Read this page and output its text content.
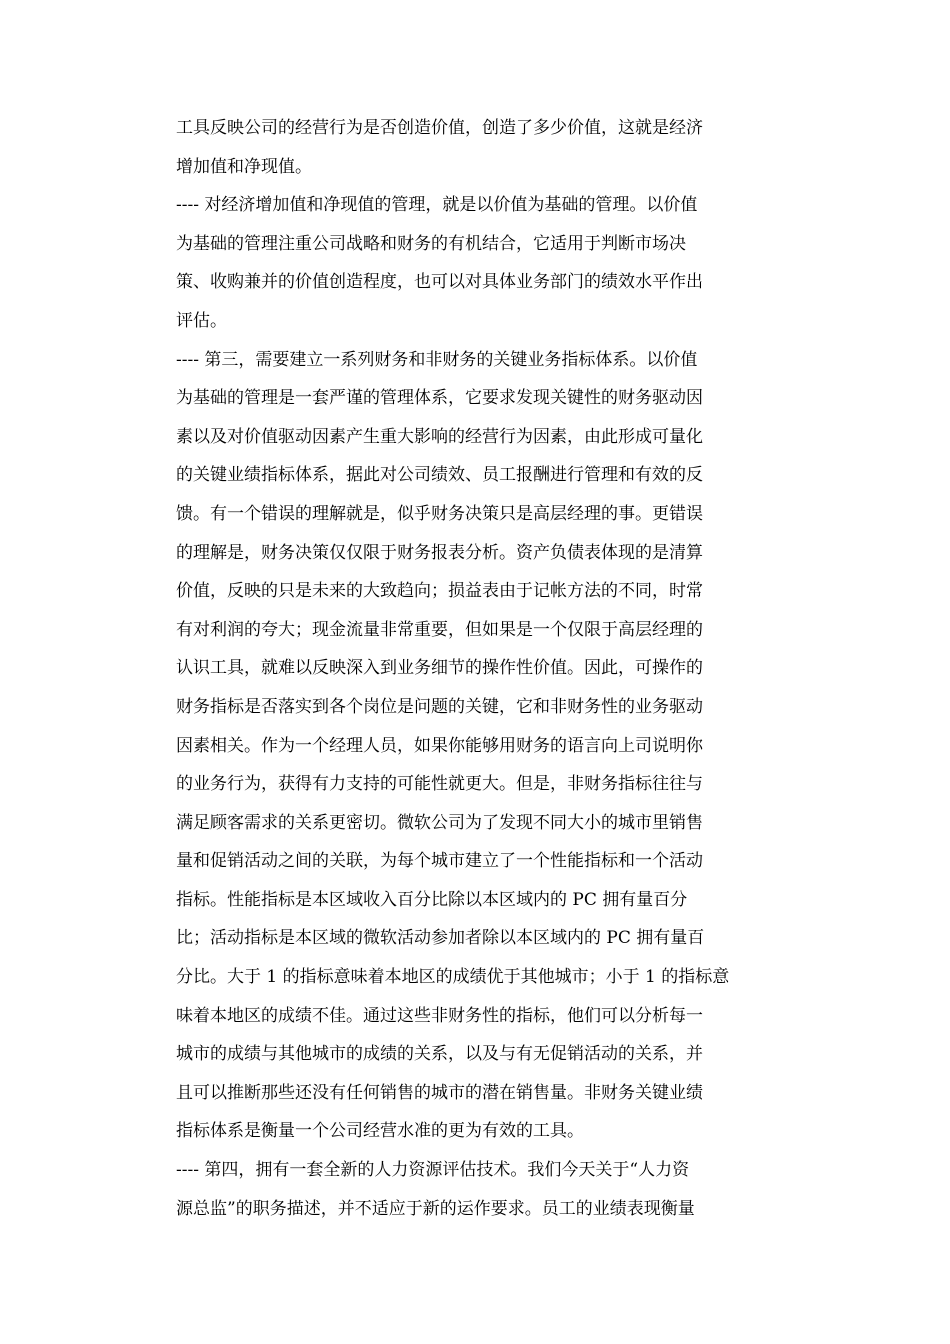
工具反映公司的经营行为是否创造价值，创造了多少价值，这就是经济
增加值和净现值。
---- 对经济增加值和净现值的管理，就是以价值为基础的管理。以价值
为基础的管理注重公司战略和财务的有机结合，它适用于判断市场决
策、收购兼并的价值创造程度，也可以对具体业务部门的绩效水平作出
评估。
---- 第三，需要建立一系列财务和非财务的关键业务指标体系。以价值
为基础的管理是一套严谨的管理体系，它要求发现关键性的财务驱动因
素以及对价值驱动因素产生重大影响的经营行为因素，由此形成可量化
的关键业绩指标体系，据此对公司绩效、员工报酬进行管理和有效的反
馈。有一个错误的理解就是，似乎财务决策只是高层经理的事。更错误
的理解是，财务决策仅仅限于财务报表分析。资产负债表体现的是清算
价值，反映的只是未来的大致趋向；损益表由于记帐方法的不同，时常
有对利润的夸大；现金流量非常重要，但如果是一个仅限于高层经理的
认识工具，就难以反映深入到业务细节的操作性价值。因此，可操作的
财务指标是否落实到各个岗位是问题的关键，它和非财务性的业务驱动
因素相关。作为一个经理人员，如果你能够用财务的语言向上司说明你
的业务行为，获得有力支持的可能性就更大。但是，非财务指标往往与
满足顾客需求的关系更密切。微软公司为了发现不同大小的城市里销售
量和促销活动之间的关联，为每个城市建立了一个性能指标和一个活动
指标。性能指标是本区域收入百分比除以本区域内的 PC 拥有量百分
比；活动指标是本区域的微软活动参加者除以本区域内的 PC 拥有量百
分比。大于 1 的指标意味着本地区的成绩优于其他城市；小于 1 的指标意
味着本地区的成绩不佳。通过这些非财务性的指标，他们可以分析每一
城市的成绩与其他城市的成绩的关系，以及与有无促销活动的关系，并
且可以推断那些还没有任何销售的城市的潜在销售量。非财务关键业绩
指标体系是衡量一个公司经营水准的更为有效的工具。
---- 第四，拥有一套全新的人力资源评估技术。我们今天关于“人力资
源总监”的职务描述，并不适应于新的运作要求。员工的业绩表现衡量
